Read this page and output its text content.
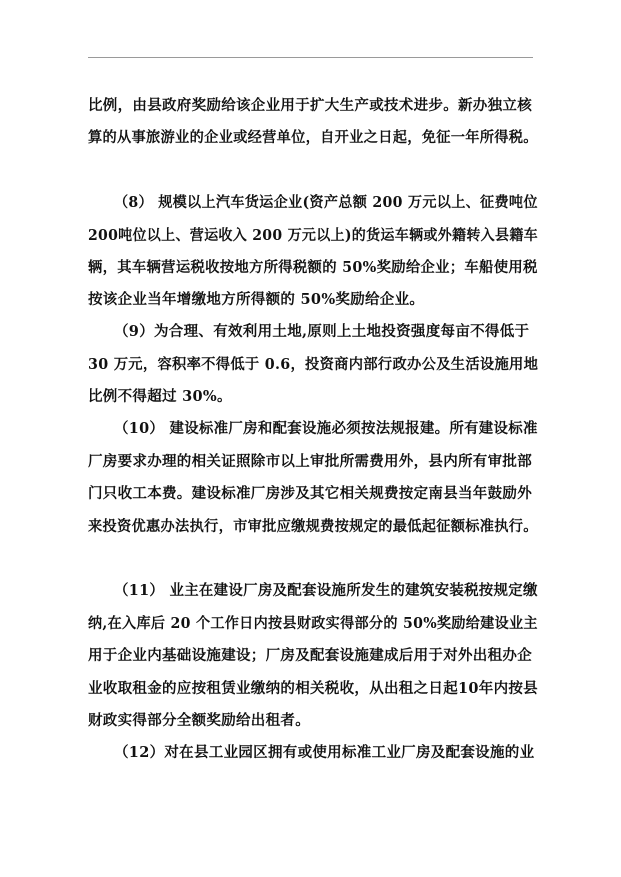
比例，由县政府奖励给该企业用于扩大生产或技术进步。新办独立核
算的从事旅游业的企业或经营单位，自开业之日起，免征一年所得税。
（8） 规模以上汽车货运企业(资产总额 200 万元以上、征费吨位
200吨位以上、营运收入 200 万元以上)的货运车辆或外籍转入县籍车
辆，其车辆营运税收按地方所得税额的 50%奖励给企业；车船使用税
按该企业当年增缴地方所得额的 50%奖励给企业。
（9）为合理、有效利用土地,原则上土地投资强度每亩不得低于
30 万元，容积率不得低于 0.6，投资商内部行政办公及生活设施用地
比例不得超过 30%。
（10） 建设标准厂房和配套设施必须按法规报建。所有建设标准
厂房要求办理的相关证照除市以上审批所需费用外，县内所有审批部
门只收工本费。建设标准厂房涉及其它相关规费按定南县当年鼓励外
来投资优惠办法执行，市审批应缴规费按规定的最低起征额标准执行。
（11） 业主在建设厂房及配套设施所发生的建筑安装税按规定缴
纳,在入库后 20 个工作日内按县财政实得部分的 50%奖励给建设业主
用于企业内基础设施建设；厂房及配套设施建成后用于对外出租办企
业收取租金的应按租赁业缴纳的相关税收，从出租之日起10年内按县
财政实得部分全额奖励给出租者。
（12）对在县工业园区拥有或使用标准工业厂房及配套设施的业
